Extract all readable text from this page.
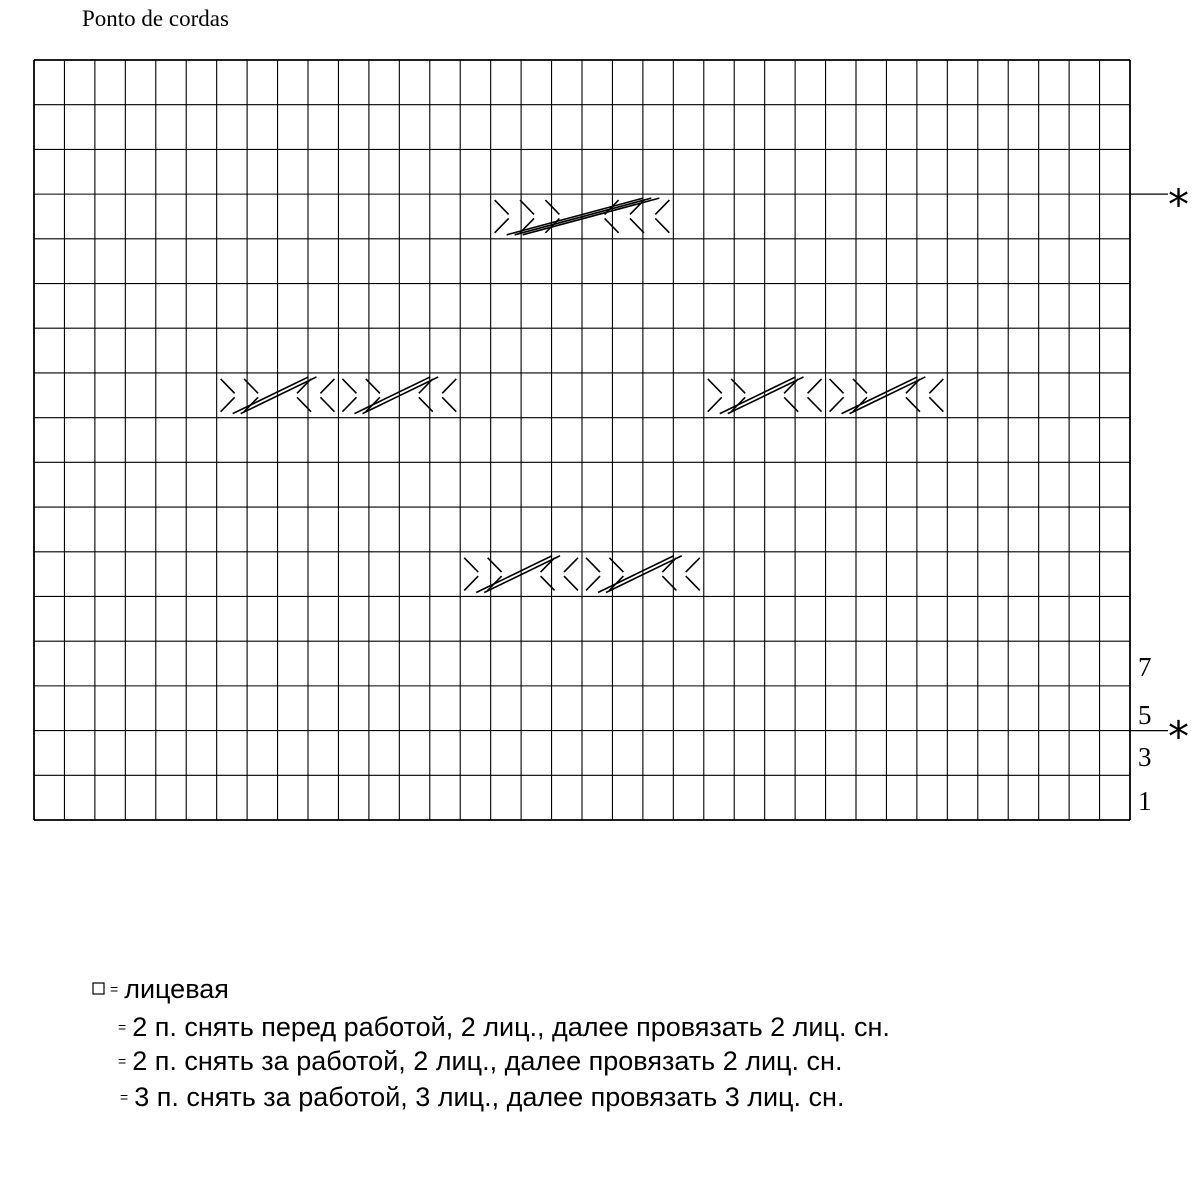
Ponto de cordas
7
5
3
1
*
*
= лицевая
= 2 п. снять перед работой, 2 лиц., далее провязать 2 лиц. сн.
= 2 п. снять за работой, 2 лиц., далее провязать 2 лиц. сн.
= 3 п. снять за работой, 3 лиц., далее провязать 3 лиц. сн.
